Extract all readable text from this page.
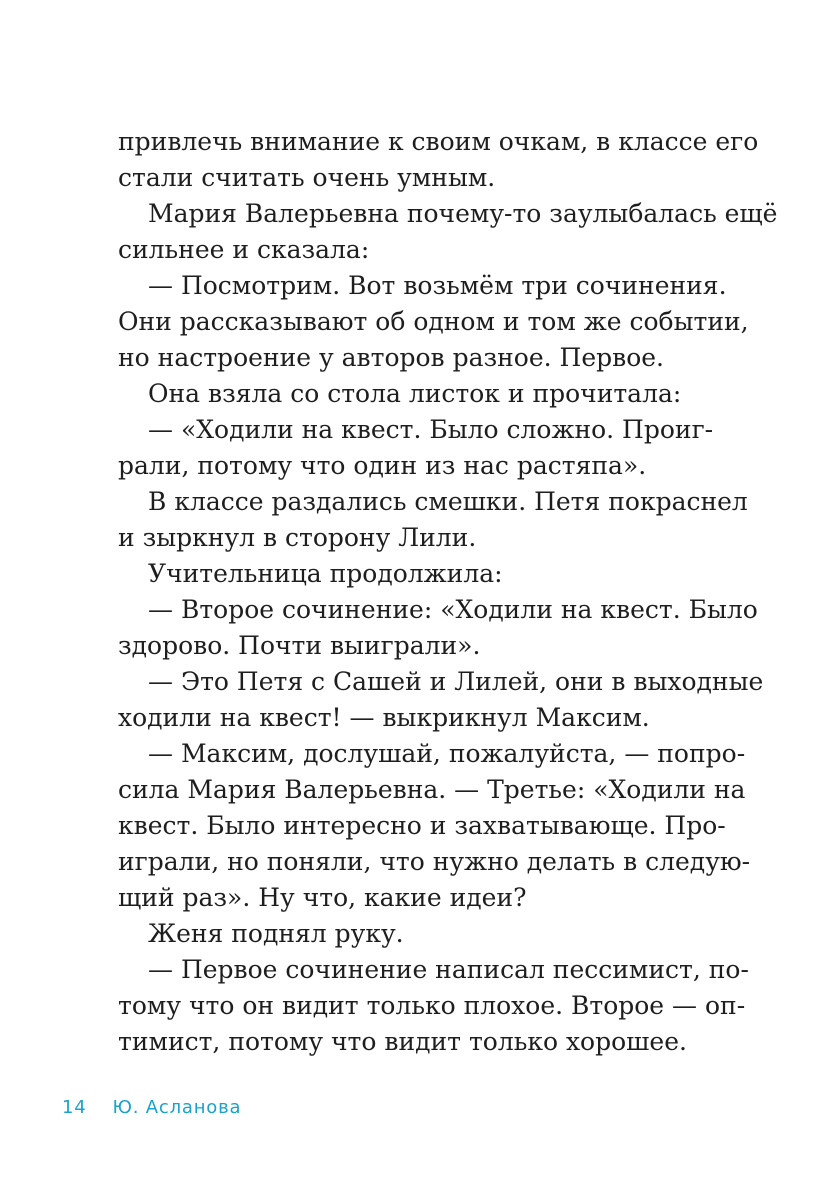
привлечь внимание к своим очкам, в классе его
стали считать очень умным.
Мария Валерьевна почему-то заулыбалась ещё
сильнее и сказала:
— Посмотрим. Вот возьмём три сочинения.
Они рассказывают об одном и том же событии,
но настроение у авторов разное. Первое.
Она взяла со стола листок и прочитала:
— «Ходили на квест. Было сложно. Проиг-
рали, потому что один из нас растяпа».
В классе раздались смешки. Петя покраснел
и зыркнул в сторону Лили.
Учительница продолжила:
— Второе сочинение: «Ходили на квест. Было
здорово. Почти выиграли».
— Это Петя с Сашей и Лилей, они в выходные
ходили на квест! — выкрикнул Максим.
— Максим, дослушай, пожалуйста, — попро-
сила Мария Валерьевна. — Третье: «Ходили на
квест. Было интересно и захватывающе. Про-
играли, но поняли, что нужно делать в следую-
щий раз». Ну что, какие идеи?
Женя поднял руку.
— Первое сочинение написал пессимист, по-
тому что он видит только плохое. Второе — оп-
тимист, потому что видит только хорошее.
14 Ю. Асланова
